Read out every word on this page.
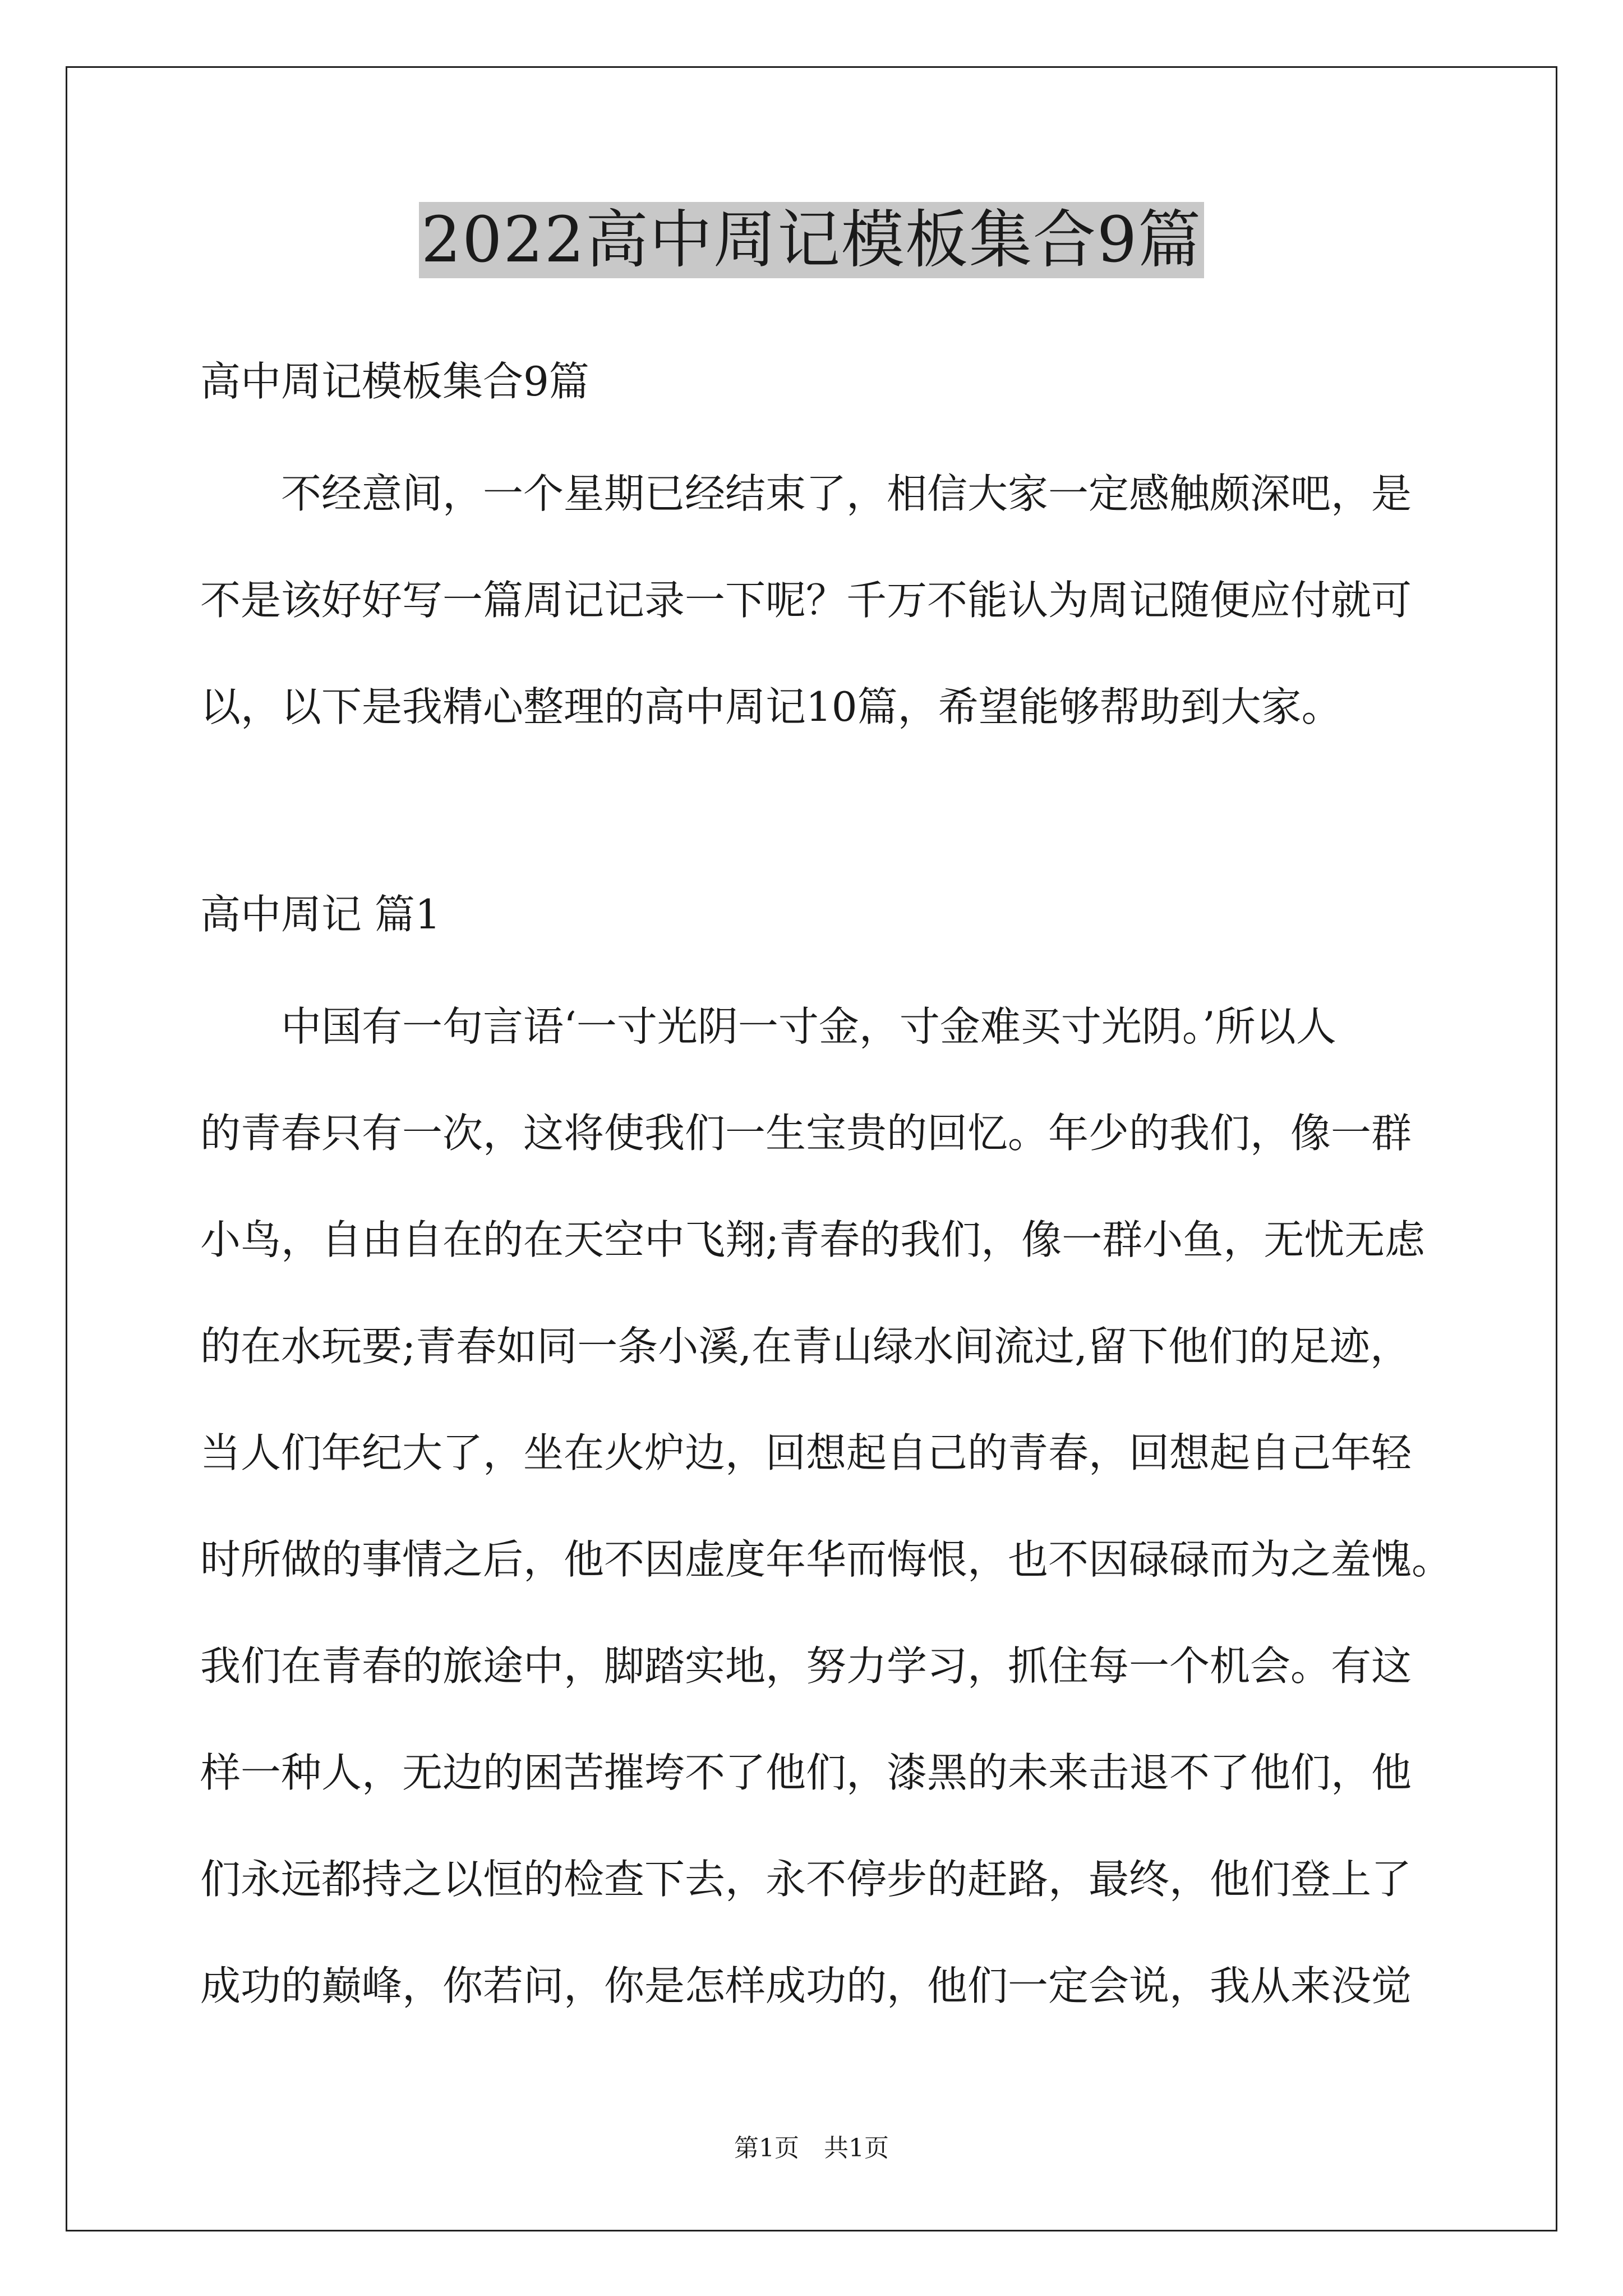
2022高中周记模板集合9篇
高中周记模板集合9篇

　　不经意间，一个星期已经结束了，相信大家一定感触颇深吧，是
不是该好好写一篇周记记录一下呢？千万不能认为周记随便应付就可
以，以下是我精心整理的高中周记10篇，希望能够帮助到大家。

高中周记 篇1

　　中国有一句言语‘一寸光阴一寸金，寸金难买寸光阴。’所以人
的青春只有一次，这将使我们一生宝贵的回忆。年少的我们，像一群
小鸟，自由自在的在天空中飞翔;青春的我们，像一群小鱼，无忧无虑
的在水玩要;青春如同一条小溪,在青山绿水间流过,留下他们的足迹，
当人们年纪大了，坐在火炉边，回想起自己的青春，回想起自己年轻
时所做的事情之后，他不因虚度年华而悔恨，也不因碌碌而为之羞愧。
我们在青春的旅途中，脚踏实地，努力学习，抓住每一个机会。有这
样一种人，无边的困苦摧垮不了他们，漆黑的未来击退不了他们，他
们永远都持之以恒的检查下去，永不停步的赶路，最终，他们登上了
成功的巅峰，你若问，你是怎样成功的，他们一定会说，我从来没觉

第1页　共1页
